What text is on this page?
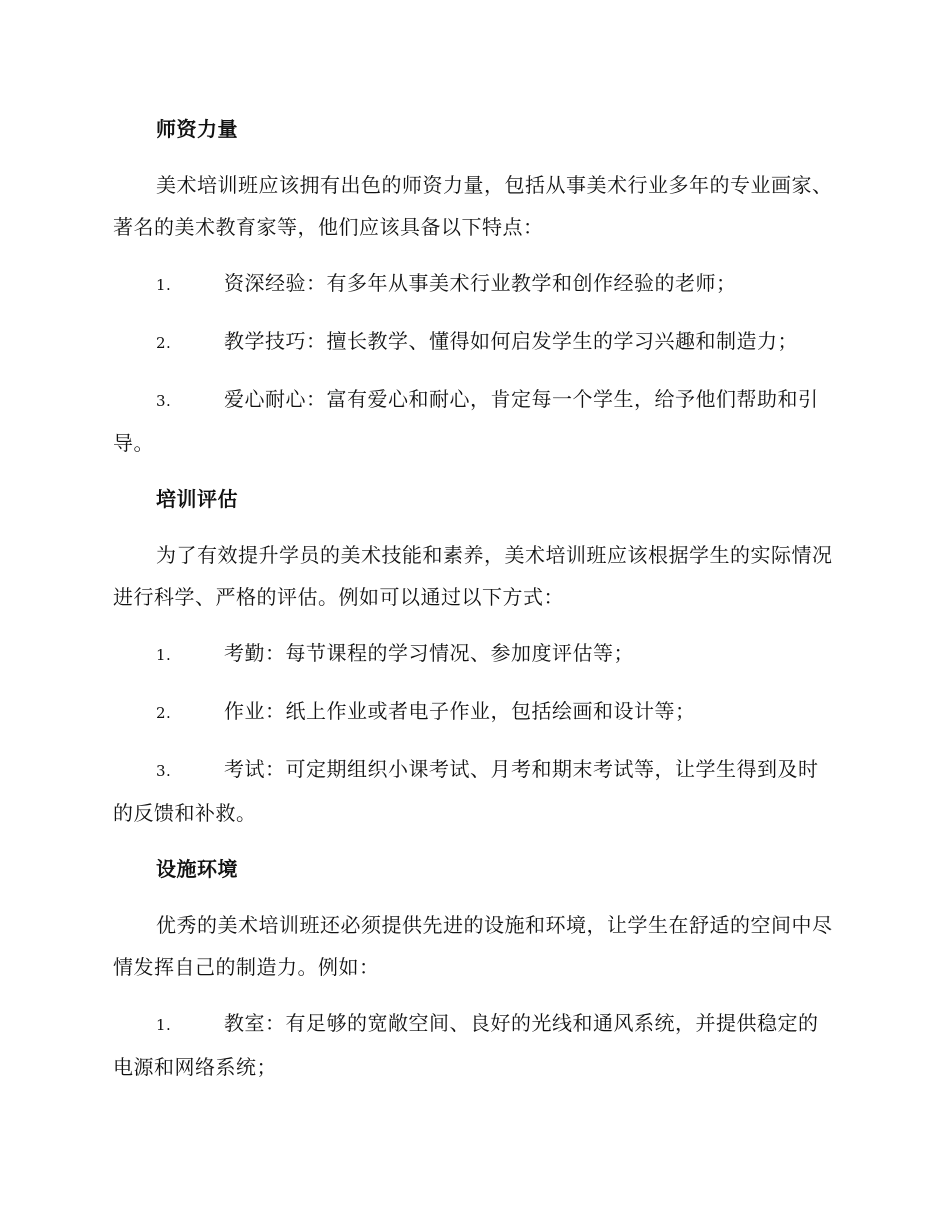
师资力量

美术培训班应该拥有出色的师资力量，包括从事美术行业多年的专业画家、著名的美术教育家等，他们应该具备以下特点：

1.	资深经验：有多年从事美术行业教学和创作经验的老师；

2.	教学技巧：擅长教学、懂得如何启发学生的学习兴趣和制造力；

3.	爱心耐心：富有爱心和耐心，肯定每一个学生，给予他们帮助和引导。

培训评估

为了有效提升学员的美术技能和素养，美术培训班应该根据学生的实际情况进行科学、严格的评估。例如可以通过以下方式：

1.	考勤：每节课程的学习情况、参加度评估等；

2.	作业：纸上作业或者电子作业，包括绘画和设计等；

3.	考试：可定期组织小课考试、月考和期末考试等，让学生得到及时的反馈和补救。

设施环境

优秀的美术培训班还必须提供先进的设施和环境，让学生在舒适的空间中尽情发挥自己的制造力。例如：

1.	教室：有足够的宽敞空间、良好的光线和通风系统，并提供稳定的电源和网络系统；
